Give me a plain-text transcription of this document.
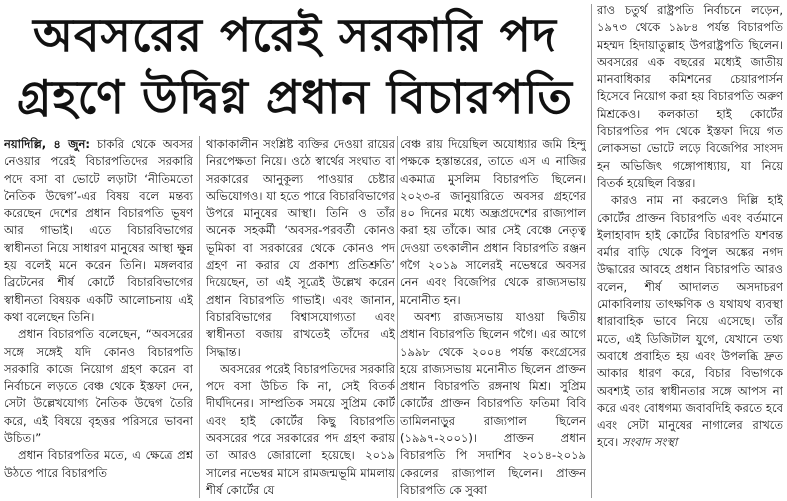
অবসরের পরেই সরকারি পদ
গ্রহণে উদ্বিগ্ন প্রধান বিচারপতি

নয়াদিল্লি, ৪ জুন: চাকরি থেকে অবসর নেওয়ার পরেই বিচারপতিদের সরকারি পদে বসা বা ভোটে লড়াটা ‘নীতিমতো নৈতিক উদ্বেগ’-এর বিষয় বলে মন্তব্য করেছেন দেশের প্রধান বিচারপতি ভূষণ আর গাভাই। এতে বিচারবিভাগের স্বাধীনতা নিয়ে সাধারণ মানুষের আস্থা ক্ষুন্ন হয় বলেই মনে করেন তিনি। মঙ্গলবার ব্রিটেনের শীর্ষ কোর্টে বিচারবিভাগের স্বাধীনতা বিষয়ক একটি আলোচনায় এই কথা বলেছেন তিনি।

প্রধান বিচারপতি বলেছেন, “অবসরের সঙ্গে সঙ্গেই যদি কোনও বিচারপতি সরকারি কাজে নিয়োগ গ্রহণ করেন বা নির্বাচনে লড়তে বেঞ্চ থেকে ইস্তফা দেন, সেটা উল্লেখযোগ্য নৈতিক উদ্বেগ তৈরি করে, এই বিষয়ে বৃহত্তর পরিসরে ভাবনা উচিত।”

প্রধান বিচারপতির মতে, এ ক্ষেত্রে প্রশ্ন উঠতে পারে বিচারপতি

থাকাকালীন সংশ্লিষ্ট ব্যক্তির দেওয়া রায়ের নিরপেক্ষতা নিয়ে। ওঠে স্বার্থের সংঘাত বা সরকারের আনুকূল্য পাওয়ার চেষ্টার অভিযোগও। যা হতে পারে বিচারবিভাগের উপরে মানুষের আস্থা। তিনি ও তাঁর অনেক সহকর্মী ‘অবসর-পরবর্তী কোনও ভূমিকা বা সরকারের থেকে কোনও পদ গ্রহণ না করার যে প্রকাশ্য প্রতিশ্রুতি’ দিয়েছেন, তা এই সূত্রেই উল্লেখ করেন প্রধান বিচারপতি গাভাই। এবং জানান, বিচারবিভাগের বিশ্বাসযোগ্যতা এবং স্বাধীনতা বজায় রাখতেই তাঁদের এই সিদ্ধান্ত।

অবসরের পরেই বিচারপতিদের সরকারি পদে বসা উচিত কি না, সেই বিতর্ক দীর্ঘদিনের। সাম্প্রতিক সময়ে সুপ্রিম কোর্ট এবং হাই কোর্টের কিছু বিচারপতি অবসরের পরে সরকারের পদ গ্রহণ করায় তা আরও জোরালো হয়েছে। ২০১৯ সালের নভেম্বর মাসে রামজন্মভূমি মামলায় শীর্ষ কোর্টের যে

বেঞ্চ রায় দিয়েছিল অযোধ্যার জমি হিন্দু পক্ষকে হস্তান্তরের, তাতে এস এ নাজির একমাত্র মুসলিম বিচারপতি ছিলেন। ২০২৩-র জানুয়ারিতে অবসর গ্রহণের ৪০ দিনের মধ্যে অন্ধ্রপ্রদেশের রাজ্যপাল করা হয় তাঁকে। আর সেই বেঞ্চে নেতৃত্ব দেওয়া তৎকালীন প্রধান বিচারপতি রঞ্জন গগৈ ২০১৯ সালেরই নভেম্বরে অবসর নেন এবং বিজেপির থেকে রাজ্যসভায় মনোনীত হন।

অবশ্য রাজ্যসভায় যাওয়া দ্বিতীয় প্রধান বিচারপতি ছিলেন গগৈ। এর আগে ১৯৯৮ থেকে ২০০৪ পর্যন্ত কংগ্রেসের হয়ে রাজ্যসভায় মনোনীত ছিলেন প্রাক্তন প্রধান বিচারপতি রঙ্গনাথ মিশ্র। সুপ্রিম কোর্টের প্রাক্তন বিচারপতি ফতিমা বিবি তামিলনাড়ুর রাজ্যপাল ছিলেন (১৯৯৭-২০০১)। প্রাক্তন প্রধান বিচারপতি পি সদাশিব ২০১৪-২০১৯ কেরলের রাজ্যপাল ছিলেন। প্রাক্তন বিচারপতি কে সুব্বা

রাও চতুর্থ রাষ্ট্রপতি নির্বাচনে লড়েন, ১৯৭৩ থেকে ১৯৮৪ পর্যন্ত বিচারপতি মহম্মদ হিদায়াতুল্লাহ উপরাষ্ট্রপতি ছিলেন। অবসরের এক বছরের মধ্যেই জাতীয় মানবাধিকার কমিশনের চেয়ারপার্সন হিসেবে নিয়োগ করা হয় বিচারপতি অরুণ মিশ্রকেও। কলকাতা হাই কোর্টের বিচারপতির পদ থেকে ইস্তফা দিয়ে গত লোকসভা ভোটে লড়ে বিজেপির সাংসদ হন অভিজিৎ গঙ্গোপাধ্যায়, যা নিয়ে বিতর্ক হয়েছিল বিস্তর।

কারও নাম না করলেও দিল্লি হাই কোর্টের প্রাক্তন বিচারপতি এবং বর্তমানে ইলাহাবাদ হাই কোর্টের বিচারপতি যশবন্ত বর্মার বাড়ি থেকে বিপুল অঙ্কের নগদ উদ্ধারের আবহে প্রধান বিচারপতি আরও বলেন, শীর্ষ আদালত অসদাচরণ মোকাবিলায় তাৎক্ষণিক ও যথাযথ ব্যবস্থা ধারাবাহিক ভাবে নিয়ে এসেছে। তাঁর মতে, এই ডিজিটাল যুগে, যেখানে তথ্য অবাধে প্রবাহিত হয় এবং উপলব্ধি দ্রুত আকার ধারণ করে, বিচার বিভাগকে অবশ্যই তার স্বাধীনতার সঙ্গে আপস না করে এবং বোধগম্য জবাবদিহি করতে হবে এবং সেটা মানুষের নাগালের রাখতে হবে। সংবাদ সংস্থা
